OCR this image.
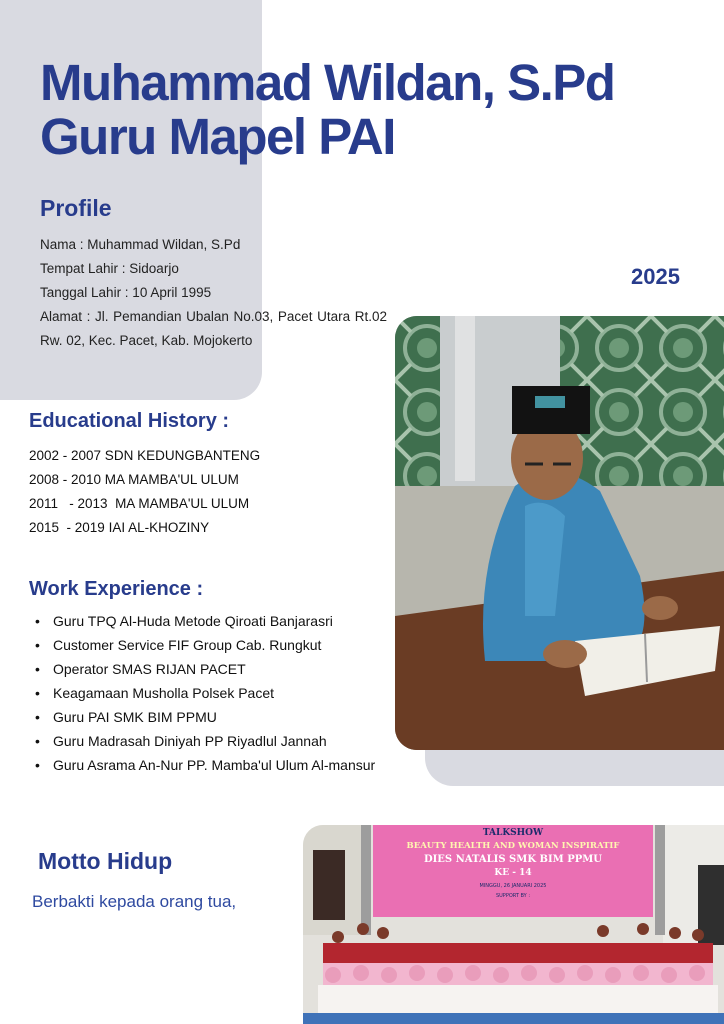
Muhammad Wildan, S.Pd
Guru Mapel PAI
Profile
Nama : Muhammad Wildan, S.Pd
Tempat Lahir : Sidoarjo
Tanggal Lahir : 10 April 1995
Alamat : Jl. Pemandian Ubalan No.03, Pacet Utara Rt.02 Rw. 02, Kec. Pacet, Kab. Mojokerto
2025
Educational History :
2002 - 2007 SDN KEDUNGBANTENG
2008 - 2010 MA MAMBA'UL ULUM
2011   - 2013  MA MAMBA'UL ULUM
2015  - 2019 IAI AL-KHOZINY
Work Experience :
• Guru TPQ Al-Huda Metode Qiroati Banjarasri
• Customer Service FIF Group Cab. Rungkut
• Operator SMAS RIJAN PACET
• Keagamaan Musholla Polsek Pacet
• Guru PAI SMK BIM PPMU
• Guru Madrasah Diniyah PP Riyadlul Jannah
• Guru Asrama An-Nur PP. Mamba'ul Ulum Al-mansur
Motto Hidup
Berbakti kepada orang tua,
TALKSHOW
BEAUTY HEALTH AND WOMAN INSPIRATIF
DIES NATALIS SMK BIM PPMU
KE - 14
MINGGU, 26 JANUARI 2025
SUPPORT BY :
